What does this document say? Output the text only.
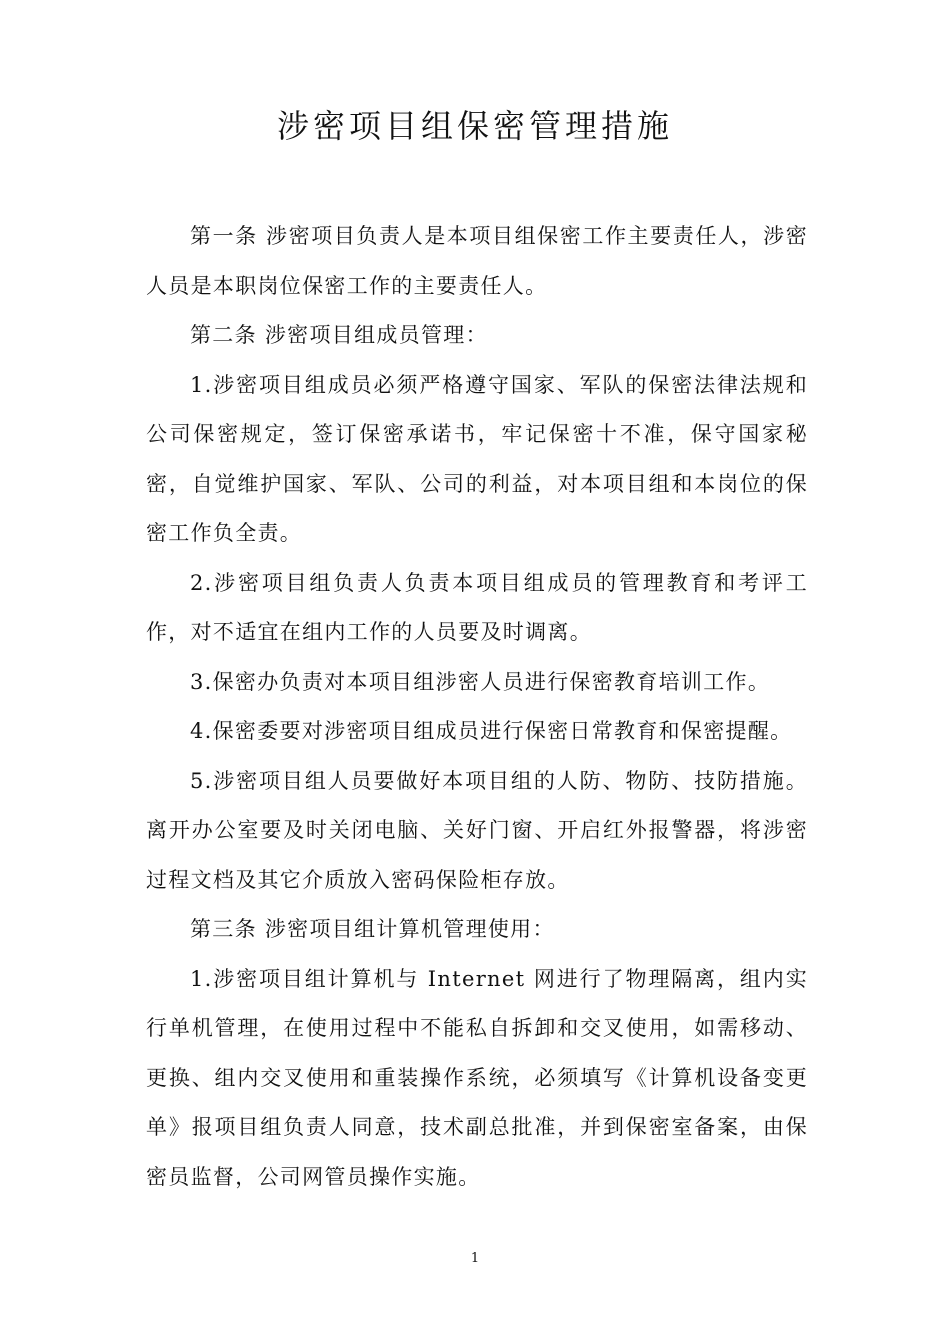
涉密项目组保密管理措施

第一条 涉密项目负责人是本项目组保密工作主要责任人，涉密人员是本职岗位保密工作的主要责任人。

第二条 涉密项目组成员管理：

1.涉密项目组成员必须严格遵守国家、军队的保密法律法规和公司保密规定，签订保密承诺书，牢记保密十不准，保守国家秘密，自觉维护国家、军队、公司的利益，对本项目组和本岗位的保密工作负全责。

2.涉密项目组负责人负责本项目组成员的管理教育和考评工作，对不适宜在组内工作的人员要及时调离。

3.保密办负责对本项目组涉密人员进行保密教育培训工作。

4.保密委要对涉密项目组成员进行保密日常教育和保密提醒。

5.涉密项目组人员要做好本项目组的人防、物防、技防措施。离开办公室要及时关闭电脑、关好门窗、开启红外报警器，将涉密过程文档及其它介质放入密码保险柜存放。

第三条 涉密项目组计算机管理使用：

1.涉密项目组计算机与 Internet 网进行了物理隔离，组内实行单机管理，在使用过程中不能私自拆卸和交叉使用，如需移动、更换、组内交叉使用和重装操作系统，必须填写《计算机设备变更单》报项目组负责人同意，技术副总批准，并到保密室备案，由保密员监督，公司网管员操作实施。

1
